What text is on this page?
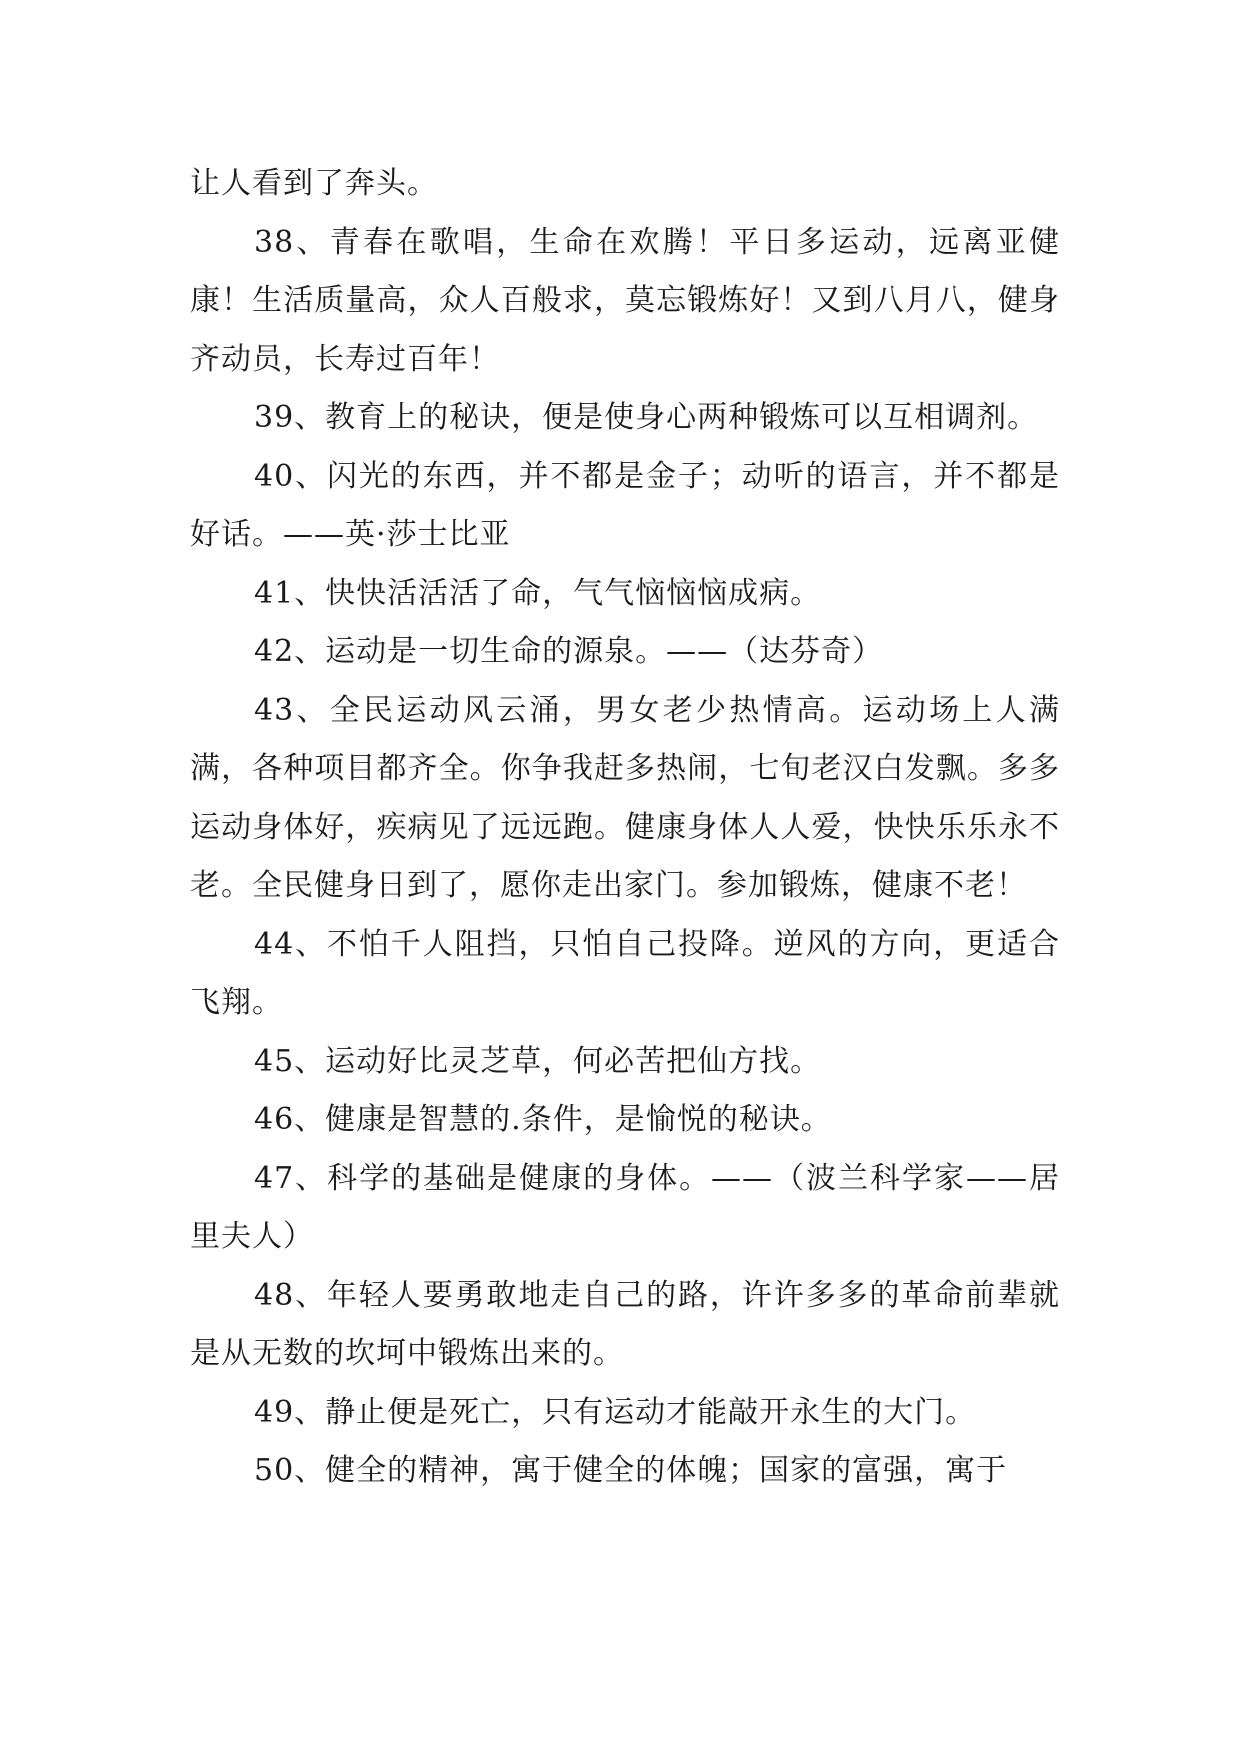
让人看到了奔头。

38、青春在歌唱，生命在欢腾！平日多运动，远离亚健康！生活质量高，众人百般求，莫忘锻炼好！又到八月八，健身齐动员，长寿过百年！

39、教育上的秘诀，便是使身心两种锻炼可以互相调剂。

40、闪光的东西，并不都是金子；动听的语言，并不都是好话。——英·莎士比亚

41、快快活活活了命，气气恼恼恼成病。

42、运动是一切生命的源泉。——（达芬奇）

43、全民运动风云涌，男女老少热情高。运动场上人满满，各种项目都齐全。你争我赶多热闹，七旬老汉白发飘。多多运动身体好，疾病见了远远跑。健康身体人人爱，快快乐乐永不老。全民健身日到了，愿你走出家门。参加锻炼，健康不老！

44、不怕千人阻挡，只怕自己投降。逆风的方向，更适合飞翔。

45、运动好比灵芝草，何必苦把仙方找。

46、健康是智慧的.条件，是愉悦的秘诀。

47、科学的基础是健康的身体。——（波兰科学家——居里夫人）

48、年轻人要勇敢地走自己的路，许许多多的革命前辈就是从无数的坎坷中锻炼出来的。

49、静止便是死亡，只有运动才能敲开永生的大门。

50、健全的精神，寓于健全的体魄；国家的富强，寓于
